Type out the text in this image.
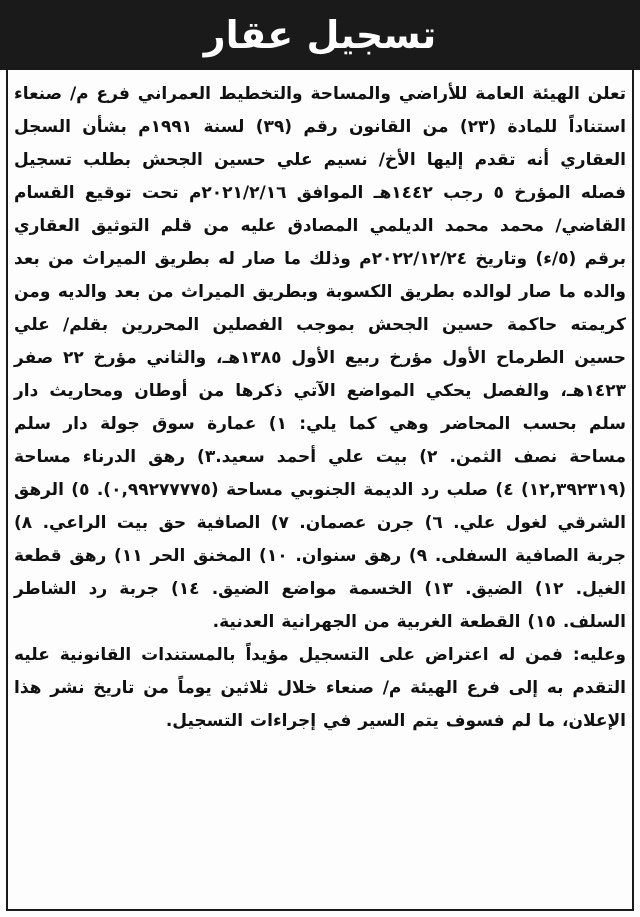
تسجيل عقار

تعلن الهيئة العامة للأراضي والمساحة والتخطيط العمراني فرع م/ صنعاء استناداً للمادة (٢٣) من القانون رقم (٣٩) لسنة ١٩٩١م بشأن السجل العقاري أنه تقدم إليها الأخ/ نسيم علي حسين الجحش بطلب تسجيل فصله المؤرخ ٥ رجب ١٤٤٢هـ الموافق ٢٠٢١/٢/١٦م تحت توقيع القسام القاضي/ محمد محمد الديلمي المصادق عليه من قلم التوثيق العقاري برقم (٥/ء) وتاريخ ٢٠٢٢/١٢/٢٤م وذلك ما صار له بطريق الميراث من بعد والده ما صار لوالده بطريق الكسوبة وبطريق الميراث من بعد والديه ومن كريمته حاكمة حسين الجحش بموجب الفصلين المحررين بقلم/ علي حسين الطرماح الأول مؤرخ ربيع الأول ١٣٨٥هـ، والثاني مؤرخ ٢٢ صفر ١٤٢٣هـ، والفصل يحكي المواضع الآتي ذكرها من أوطان ومحاريث دار سلم بحسب المحاضر وهي كما يلي: ١) عمارة سوق جولة دار سلم مساحة نصف الثمن. ٢) بيت علي أحمد سعيد.٣) رهق الدرناء مساحة (١٢,٣٩٢٣١٩) ٤) صلب رد الديمة الجنوبي مساحة (٠,٩٩٢٧٧٧٧٥). ٥) الرهق الشرقي لغول علي. ٦) جرن عصمان. ٧) الصافية حق بيت الراعي. ٨) جربة الصافية السفلى. ٩) رهق سنوان. ١٠) المخنق الحر ١١) رهق قطعة الغيل. ١٢) الضيق. ١٣) الخسمة مواضع الضيق. ١٤) جربة رد الشاطر السلف. ١٥) القطعة الغربية من الجهرانية العدنية.

وعليه: فمن له اعتراض على التسجيل مؤيداً بالمستندات القانونية عليه التقدم به إلى فرع الهيئة م/ صنعاء خلال ثلاثين يوماً من تاريخ نشر هذا الإعلان، ما لم فسوف يتم السير في إجراءات التسجيل.
